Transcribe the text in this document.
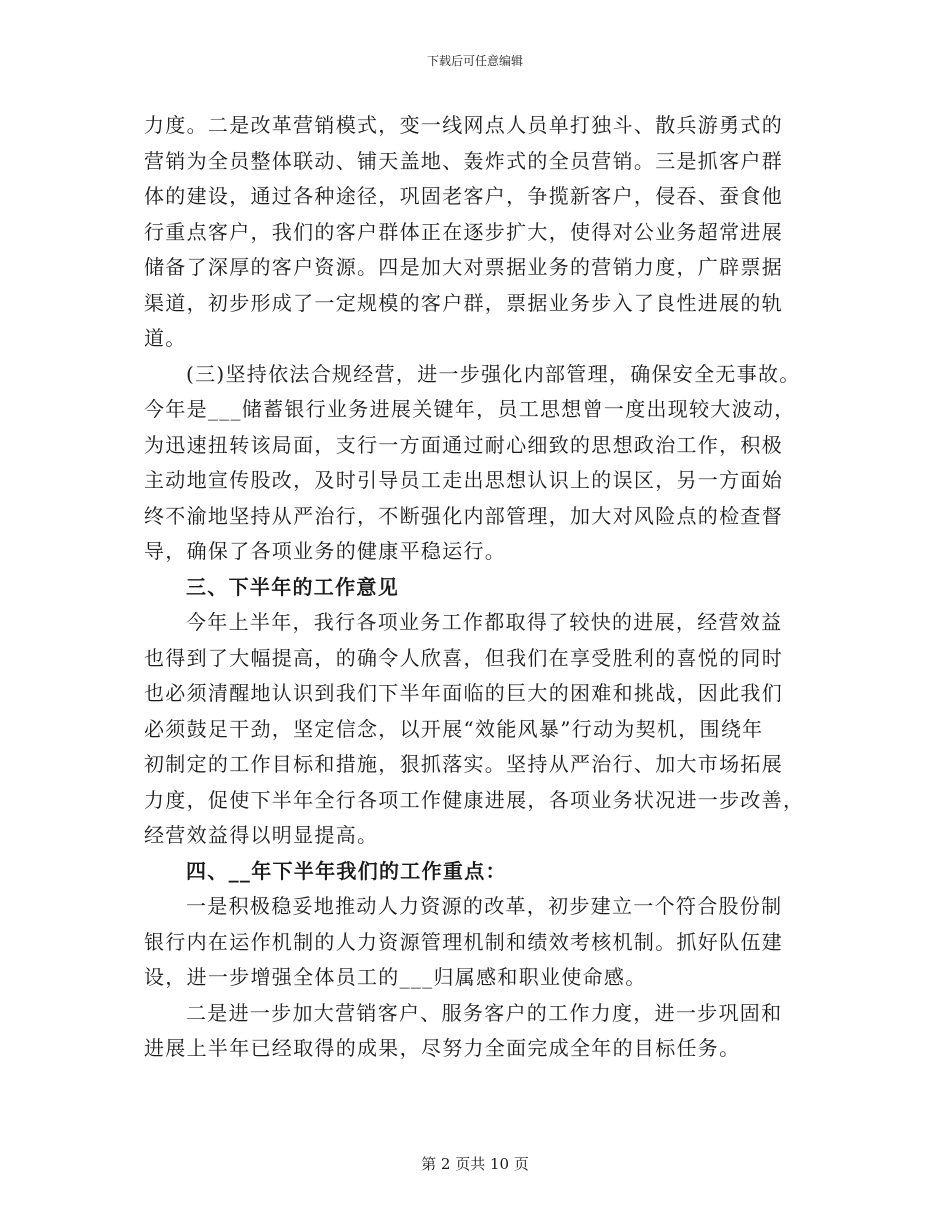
下载后可任意编辑
力度。二是改革营销模式，变一线网点人员单打独斗、散兵游勇式的
营销为全员整体联动、铺天盖地、轰炸式的全员营销。三是抓客户群
体的建设，通过各种途径，巩固老客户，争揽新客户，侵吞、蚕食他
行重点客户，我们的客户群体正在逐步扩大，使得对公业务超常进展
储备了深厚的客户资源。四是加大对票据业务的营销力度，广辟票据
渠道，初步形成了一定规模的客户群，票据业务步入了良性进展的轨
道。
(三)坚持依法合规经营，进一步强化内部管理，确保安全无事故。
今年是___储蓄银行业务进展关键年，员工思想曾一度出现较大波动，
为迅速扭转该局面，支行一方面通过耐心细致的思想政治工作，积极
主动地宣传股改，及时引导员工走出思想认识上的误区，另一方面始
终不渝地坚持从严治行，不断强化内部管理，加大对风险点的检查督
导，确保了各项业务的健康平稳运行。
三、下半年的工作意见
今年上半年，我行各项业务工作都取得了较快的进展，经营效益
也得到了大幅提高，的确令人欣喜，但我们在享受胜利的喜悦的同时
也必须清醒地认识到我们下半年面临的巨大的困难和挑战，因此我们
必须鼓足干劲，坚定信念，以开展“效能风暴”行动为契机，围绕年
初制定的工作目标和措施，狠抓落实。坚持从严治行、加大市场拓展
力度，促使下半年全行各项工作健康进展，各项业务状况进一步改善，
经营效益得以明显提高。
四、__年下半年我们的工作重点：
一是积极稳妥地推动人力资源的改革，初步建立一个符合股份制
银行内在运作机制的人力资源管理机制和绩效考核机制。抓好队伍建
设，进一步增强全体员工的___归属感和职业使命感。
二是进一步加大营销客户、服务客户的工作力度，进一步巩固和
进展上半年已经取得的成果，尽努力全面完成全年的目标任务。
第 2 页共 10 页
